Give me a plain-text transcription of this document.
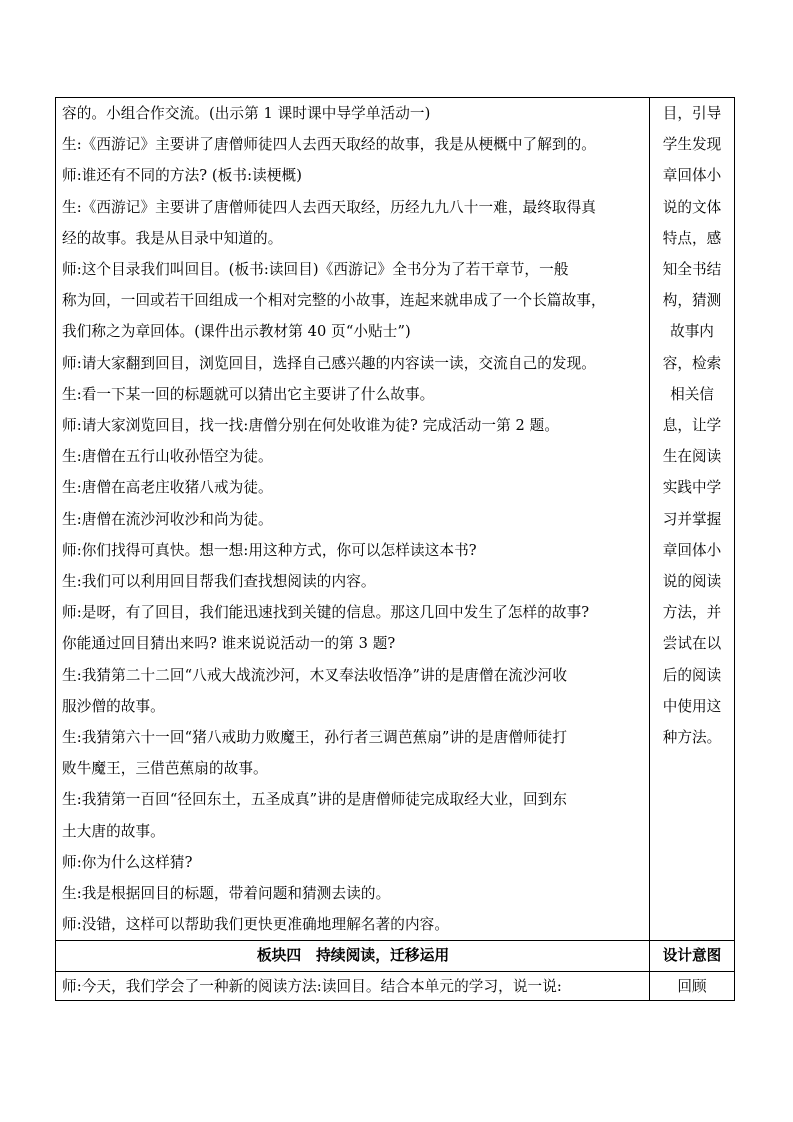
容的。小组合作交流。(出示第 1 课时课中导学单活动一)
生:《西游记》主要讲了唐僧师徒四人去西天取经的故事，我是从梗概中了解到的。
师:谁还有不同的方法? (板书:读梗概)
生:《西游记》主要讲了唐僧师徒四人去西天取经，历经九九八十一难，最终取得真
经的故事。我是从目录中知道的。
师:这个目录我们叫回目。(板书:读回目)《西游记》全书分为了若干章节，一般
称为回，一回或若干回组成一个相对完整的小故事，连起来就串成了一个长篇故事，
我们称之为章回体。(课件出示教材第 40 页“小贴士”)
师:请大家翻到回目，浏览回目，选择自己感兴趣的内容读一读，交流自己的发现。
生:看一下某一回的标题就可以猜出它主要讲了什么故事。
师:请大家浏览回目，找一找:唐僧分别在何处收谁为徒? 完成活动一第 2 题。
生:唐僧在五行山收孙悟空为徒。
生:唐僧在高老庄收猪八戒为徒。
生:唐僧在流沙河收沙和尚为徒。
师:你们找得可真快。想一想:用这种方式，你可以怎样读这本书?
生:我们可以利用回目帮我们查找想阅读的内容。
师:是呀，有了回目，我们能迅速找到关键的信息。那这几回中发生了怎样的故事?
你能通过回目猜出来吗? 谁来说说活动一的第 3 题?
生:我猜第二十二回“八戒大战流沙河，木叉奉法收悟净”讲的是唐僧在流沙河收
服沙僧的故事。
生:我猜第六十一回“猪八戒助力败魔王，孙行者三调芭蕉扇”讲的是唐僧师徒打
败牛魔王，三借芭蕉扇的故事。
生:我猜第一百回“径回东土，五圣成真”讲的是唐僧师徒完成取经大业，回到东
土大唐的故事。
师:你为什么这样猜?
生:我是根据回目的标题，带着问题和猜测去读的。
师:没错，这样可以帮助我们更快更准确地理解名著的内容。
板块四　持续阅读，迁移运用
师:今天，我们学会了一种新的阅读方法:读回目。结合本单元的学习，说一说:
目，引导
学生发现
章回体小
说的文体
特点，感
知全书结
构，猜测
故事内
容，检索
相关信
息，让学
生在阅读
实践中学
习并掌握
章回体小
说的阅读
方法，并
尝试在以
后的阅读
中使用这
种方法。
设计意图
回顾
